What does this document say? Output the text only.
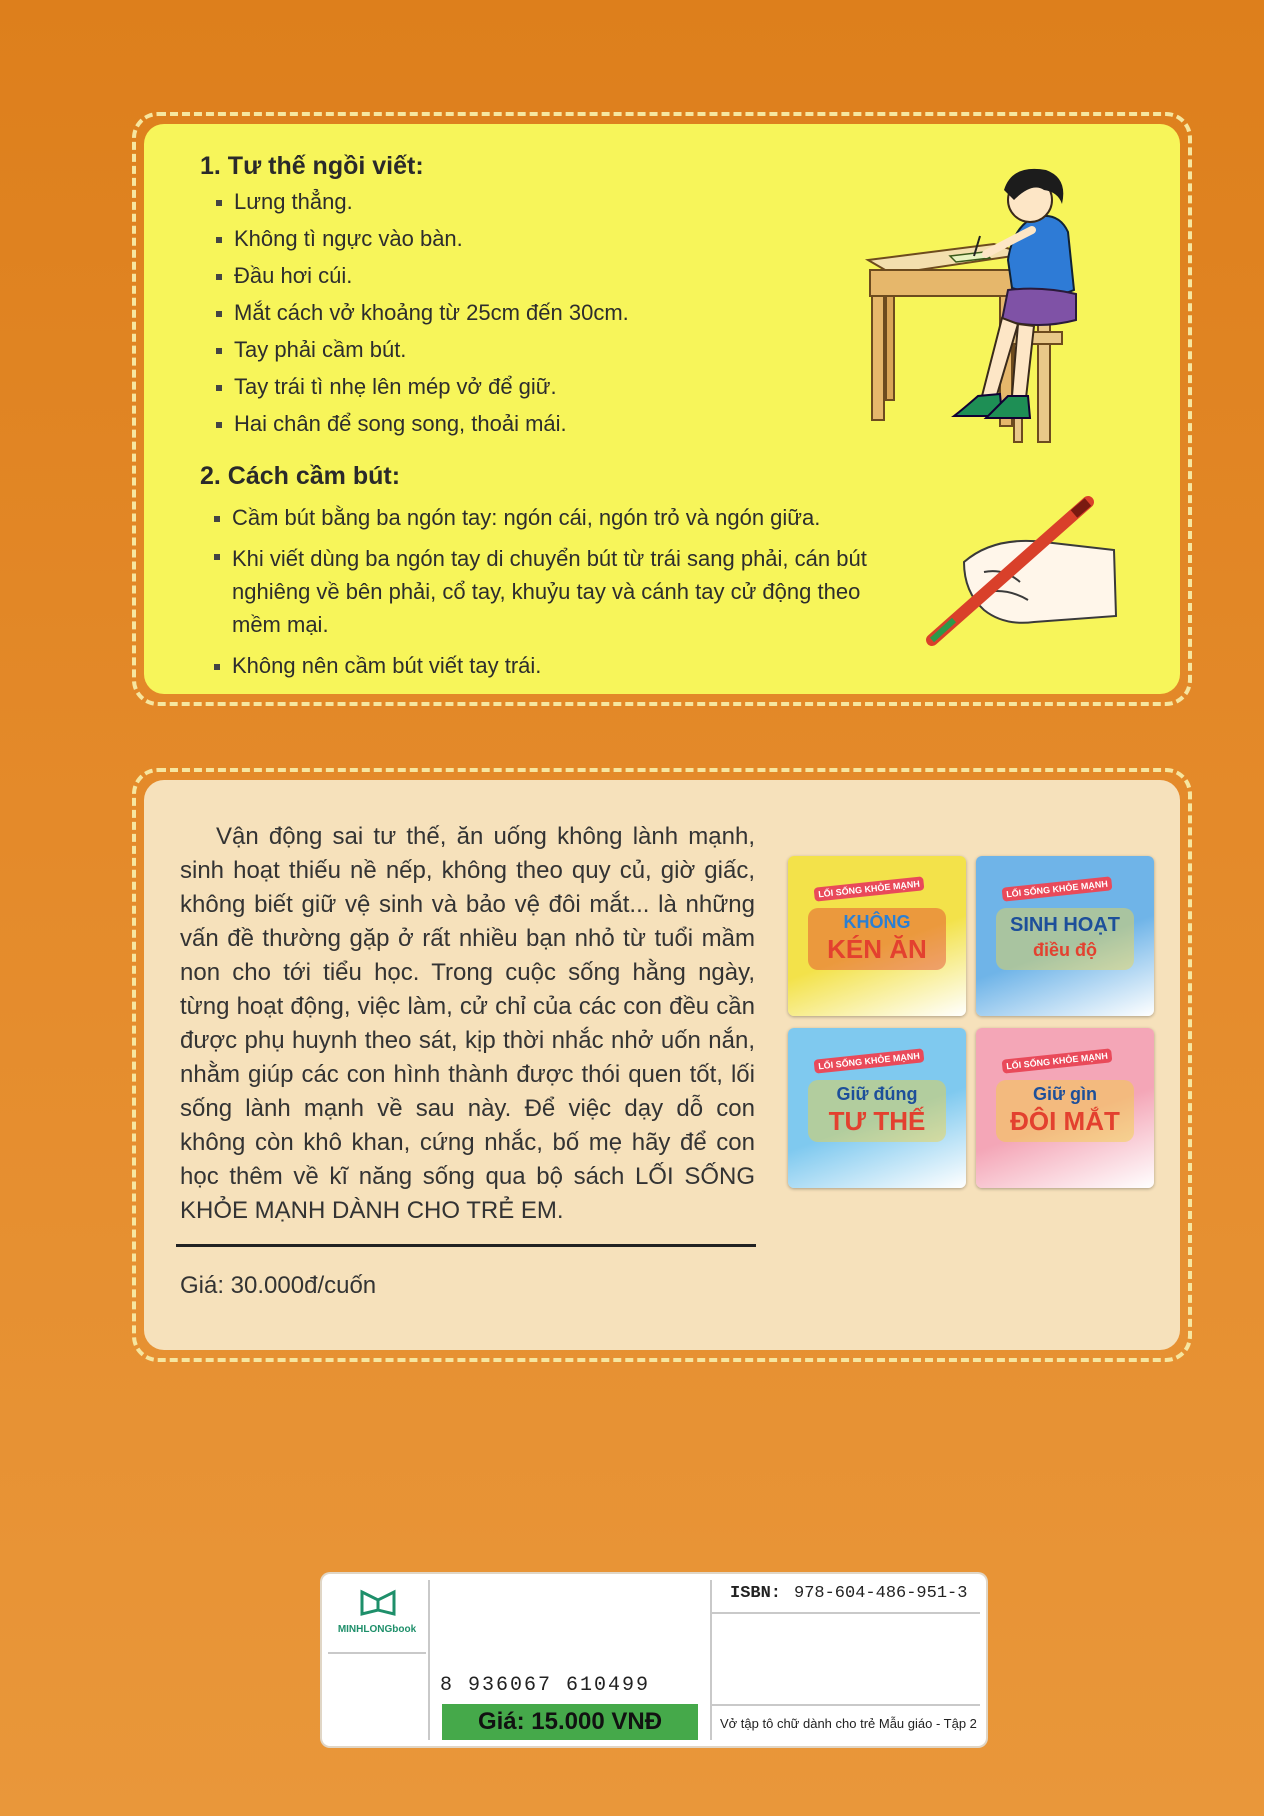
1. Tư thế ngồi viết:
Lưng thẳng.
Không tì ngực vào bàn.
Đầu hơi cúi.
Mắt cách vở khoảng từ 25cm đến 30cm.
Tay phải cầm bút.
Tay trái tì nhẹ lên mép vở để giữ.
Hai chân để song song, thoải mái.
2. Cách cầm bút:
Cầm bút bằng ba ngón tay: ngón cái, ngón trỏ và ngón giữa.
Khi viết dùng ba ngón tay di chuyển bút từ trái sang phải, cán bút nghiêng về bên phải, cổ tay, khuỷu tay và cánh tay cử động theo mềm mại.
Không nên cầm bút viết tay trái.

Vận động sai tư thế, ăn uống không lành mạnh, sinh hoạt thiếu nề nếp, không theo quy củ, giờ giấc, không biết giữ vệ sinh và bảo vệ đôi mắt... là những vấn đề thường gặp ở rất nhiều bạn nhỏ từ tuổi mầm non cho tới tiểu học. Trong cuộc sống hằng ngày, từng hoạt động, việc làm, cử chỉ của các con đều cần được phụ huynh theo sát, kịp thời nhắc nhở uốn nắn, nhằm giúp các con hình thành được thói quen tốt, lối sống lành mạnh về sau này. Để việc dạy dỗ con không còn khô khan, cứng nhắc, bố mẹ hãy để con học thêm về kĩ năng sống qua bộ sách LỐI SỐNG KHỎE MẠNH DÀNH CHO TRẺ EM.

Giá: 30.000đ/cuốn
LỐI SỐNG KHỎE MẠNH
KHÔNG
KÉN ĂN
LỐI SỐNG KHỎE MẠNH
SINH HOẠT
điều độ
LỐI SỐNG KHỎE MẠNH
Giữ đúng
TƯ THẾ
LỐI SỐNG KHỎE MẠNH
Giữ gìn
ĐÔI MẮT
MINHLONGbook
8 936067 610499
Giá: 15.000 VNĐ
ISBN: 978-604-486-951-3
Vở tập tô chữ dành cho trẻ Mẫu giáo - Tập 2
